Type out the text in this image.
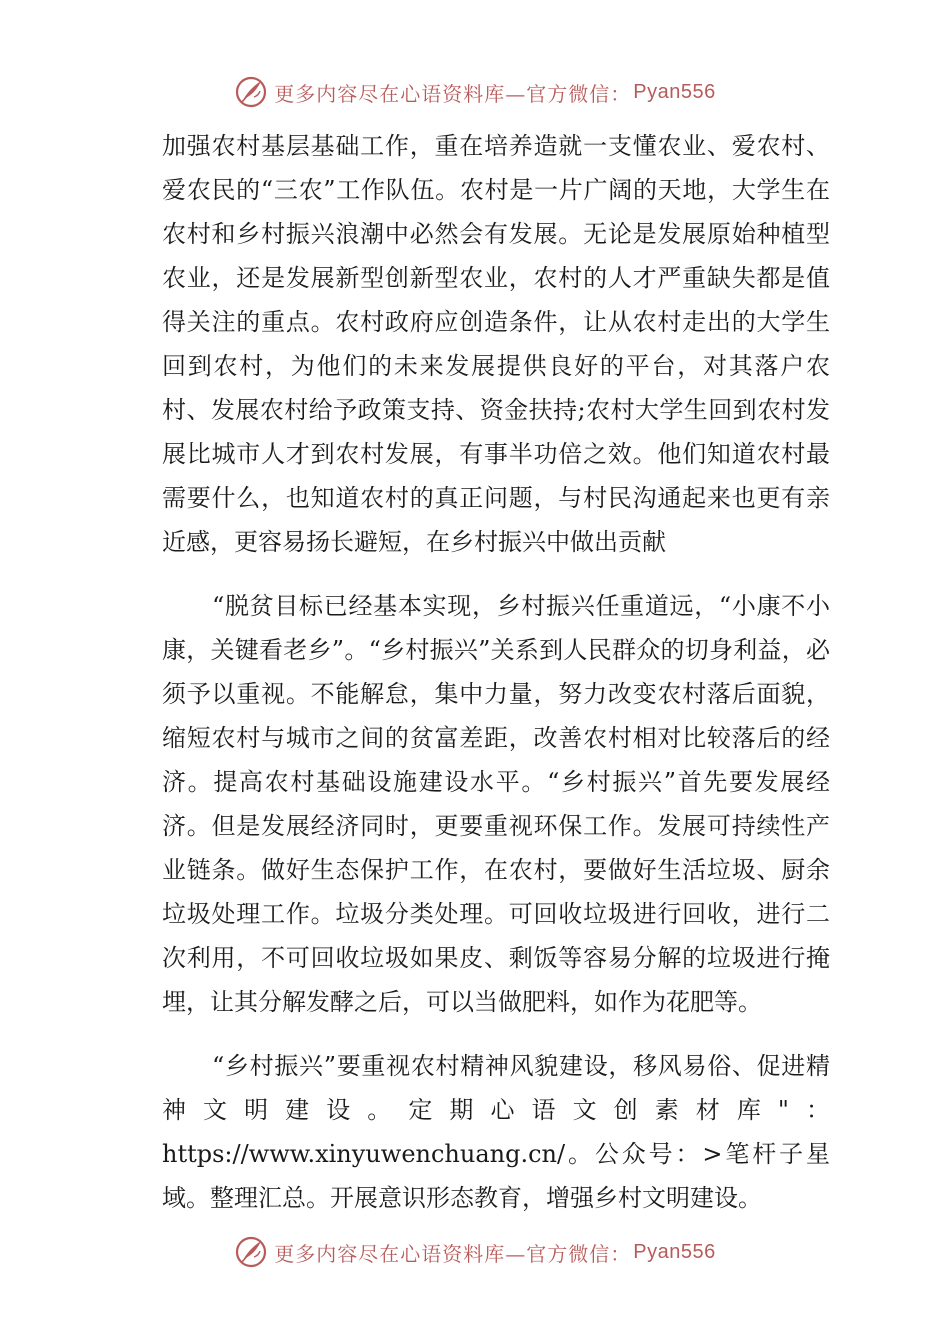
更多内容尽在心语资料库—官方微信： Pyan556

加强农村基层基础工作，重在培养造就一支懂农业、爱农村、爱农民的“三农”工作队伍。农村是一片广阔的天地，大学生在农村和乡村振兴浪潮中必然会有发展。无论是发展原始种植型农业，还是发展新型创新型农业，农村的人才严重缺失都是值得关注的重点。农村政府应创造条件，让从农村走出的大学生回到农村，为他们的未来发展提供良好的平台，对其落户农村、发展农村给予政策支持、资金扶持;农村大学生回到农村发展比城市人才到农村发展，有事半功倍之效。他们知道农村最需要什么，也知道农村的真正问题，与村民沟通起来也更有亲近感，更容易扬长避短，在乡村振兴中做出贡献

“脱贫目标已经基本实现，乡村振兴任重道远，“小康不小康，关键看老乡”。“乡村振兴”关系到人民群众的切身利益，必须予以重视。不能解怠，集中力量，努力改变农村落后面貌，缩短农村与城市之间的贫富差距，改善农村相对比较落后的经济。提高农村基础设施建设水平。“乡村振兴”首先要发展经济。但是发展经济同时，更要重视环保工作。发展可持续性产业链条。做好生态保护工作，在农村，要做好生活垃圾、厨余垃圾处理工作。垃圾分类处理。可回收垃圾进行回收，进行二次利用，不可回收垃圾如果皮、剩饭等容易分解的垃圾进行掩埋，让其分解发酵之后，可以当做肥料，如作为花肥等。

“乡村振兴”要重视农村精神风貌建设，移风易俗、促进精神文明建设。定期心语文创素材库"：https://www.xinyuwenchuang.cn/。公众号：>笔杆子星域。整理汇总。开展意识形态教育，增强乡村文明建设。

更多内容尽在心语资料库—官方微信： Pyan556
